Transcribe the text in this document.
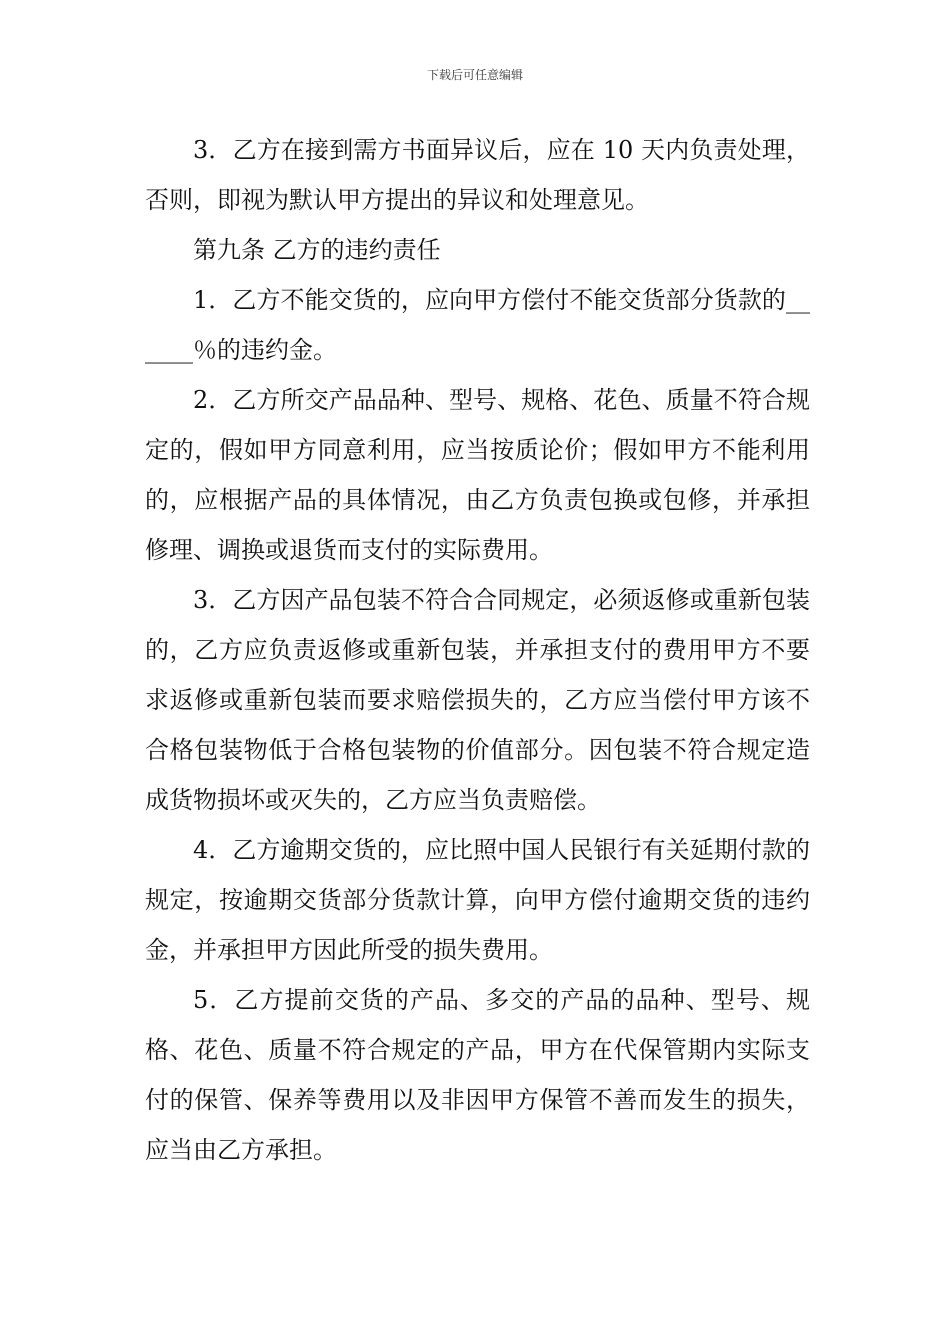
下载后可任意编辑

3．乙方在接到需方书面异议后，应在 10 天内负责处理，否则，即视为默认甲方提出的异议和处理意见。

第九条 乙方的违约责任

1．乙方不能交货的，应向甲方偿付不能交货部分货款的______％的违约金。

2．乙方所交产品品种、型号、规格、花色、质量不符合规定的，假如甲方同意利用，应当按质论价；假如甲方不能利用的，应根据产品的具体情况，由乙方负责包换或包修，并承担修理、调换或退货而支付的实际费用。

3．乙方因产品包装不符合合同规定，必须返修或重新包装的，乙方应负责返修或重新包装，并承担支付的费用甲方不要求返修或重新包装而要求赔偿损失的，乙方应当偿付甲方该不合格包装物低于合格包装物的价值部分。因包装不符合规定造成货物损坏或灭失的，乙方应当负责赔偿。

4．乙方逾期交货的，应比照中国人民银行有关延期付款的规定，按逾期交货部分货款计算，向甲方偿付逾期交货的违约金，并承担甲方因此所受的损失费用。

5．乙方提前交货的产品、多交的产品的品种、型号、规格、花色、质量不符合规定的产品，甲方在代保管期内实际支付的保管、保养等费用以及非因甲方保管不善而发生的损失，应当由乙方承担。
